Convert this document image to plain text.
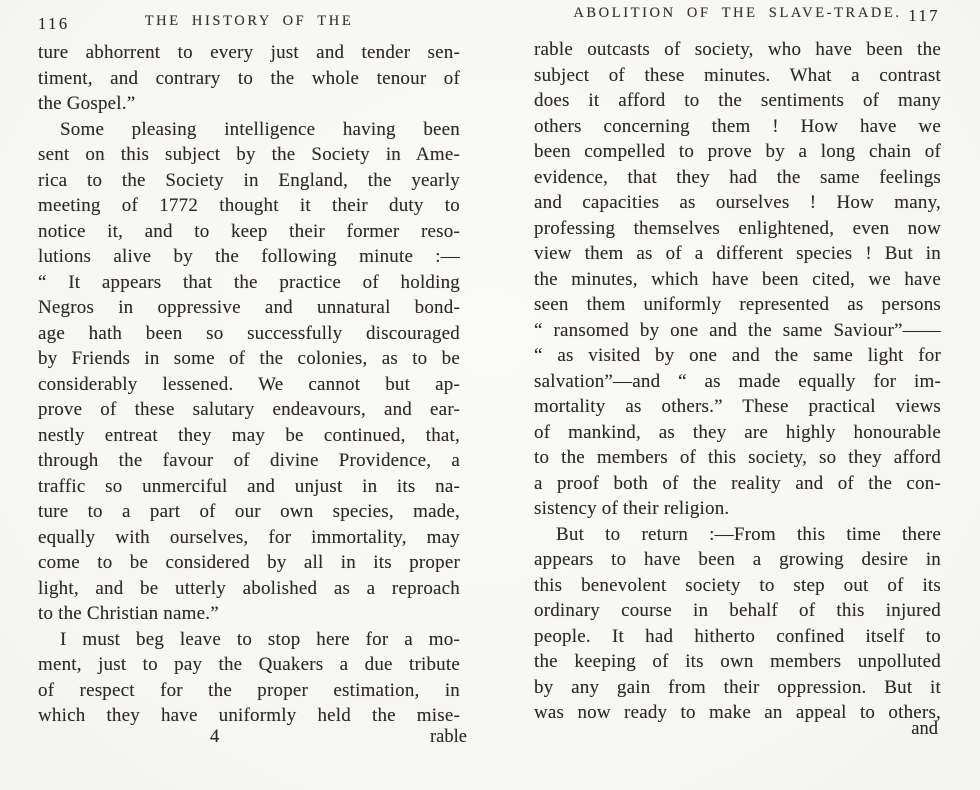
116	THE HISTORY OF THE
ture abhorrent to every just and tender sen-
timent, and contrary to the whole tenour of
the Gospel.”
Some pleasing intelligence having been
sent on this subject by the Society in Ame-
rica to the Society in England, the yearly
meeting of 1772 thought it their duty to
notice it, and to keep their former reso-
lutions alive by the following minute :—
“ It appears that the practice of holding
Negros in oppressive and unnatural bond-
age hath been so successfully discouraged
by Friends in some of the colonies, as to be
considerably lessened. We cannot but ap-
prove of these salutary endeavours, and ear-
nestly entreat they may be continued, that,
through the favour of divine Providence, a
traffic so unmerciful and unjust in its na-
ture to a part of our own species, made,
equally with ourselves, for immortality, may
come to be considered by all in its proper
light, and be utterly abolished as a reproach
to the Christian name.”
I must beg leave to stop here for a mo-
ment, just to pay the Quakers a due tribute
of respect for the proper estimation, in
which they have uniformly held the mise-
4	rable
ABOLITION OF THE SLAVE-TRADE. 117
rable outcasts of society, who have been the
subject of these minutes. What a contrast
does it afford to the sentiments of many
others concerning them ! How have we
been compelled to prove by a long chain of
evidence, that they had the same feelings
and capacities as ourselves ! How many,
professing themselves enlightened, even now
view them as of a different species ! But in
the minutes, which have been cited, we have
seen them uniformly represented as persons
“ ransomed by one and the same Saviour”——
“ as visited by one and the same light for
salvation”—and “ as made equally for im-
mortality as others.” These practical views
of mankind, as they are highly honourable
to the members of this society, so they afford
a proof both of the reality and of the con-
sistency of their religion.
But to return :—From this time there
appears to have been a growing desire in
this benevolent society to step out of its
ordinary course in behalf of this injured
people. It had hitherto confined itself to
the keeping of its own members unpolluted
by any gain from their oppression. But it
was now ready to make an appeal to others,
and
